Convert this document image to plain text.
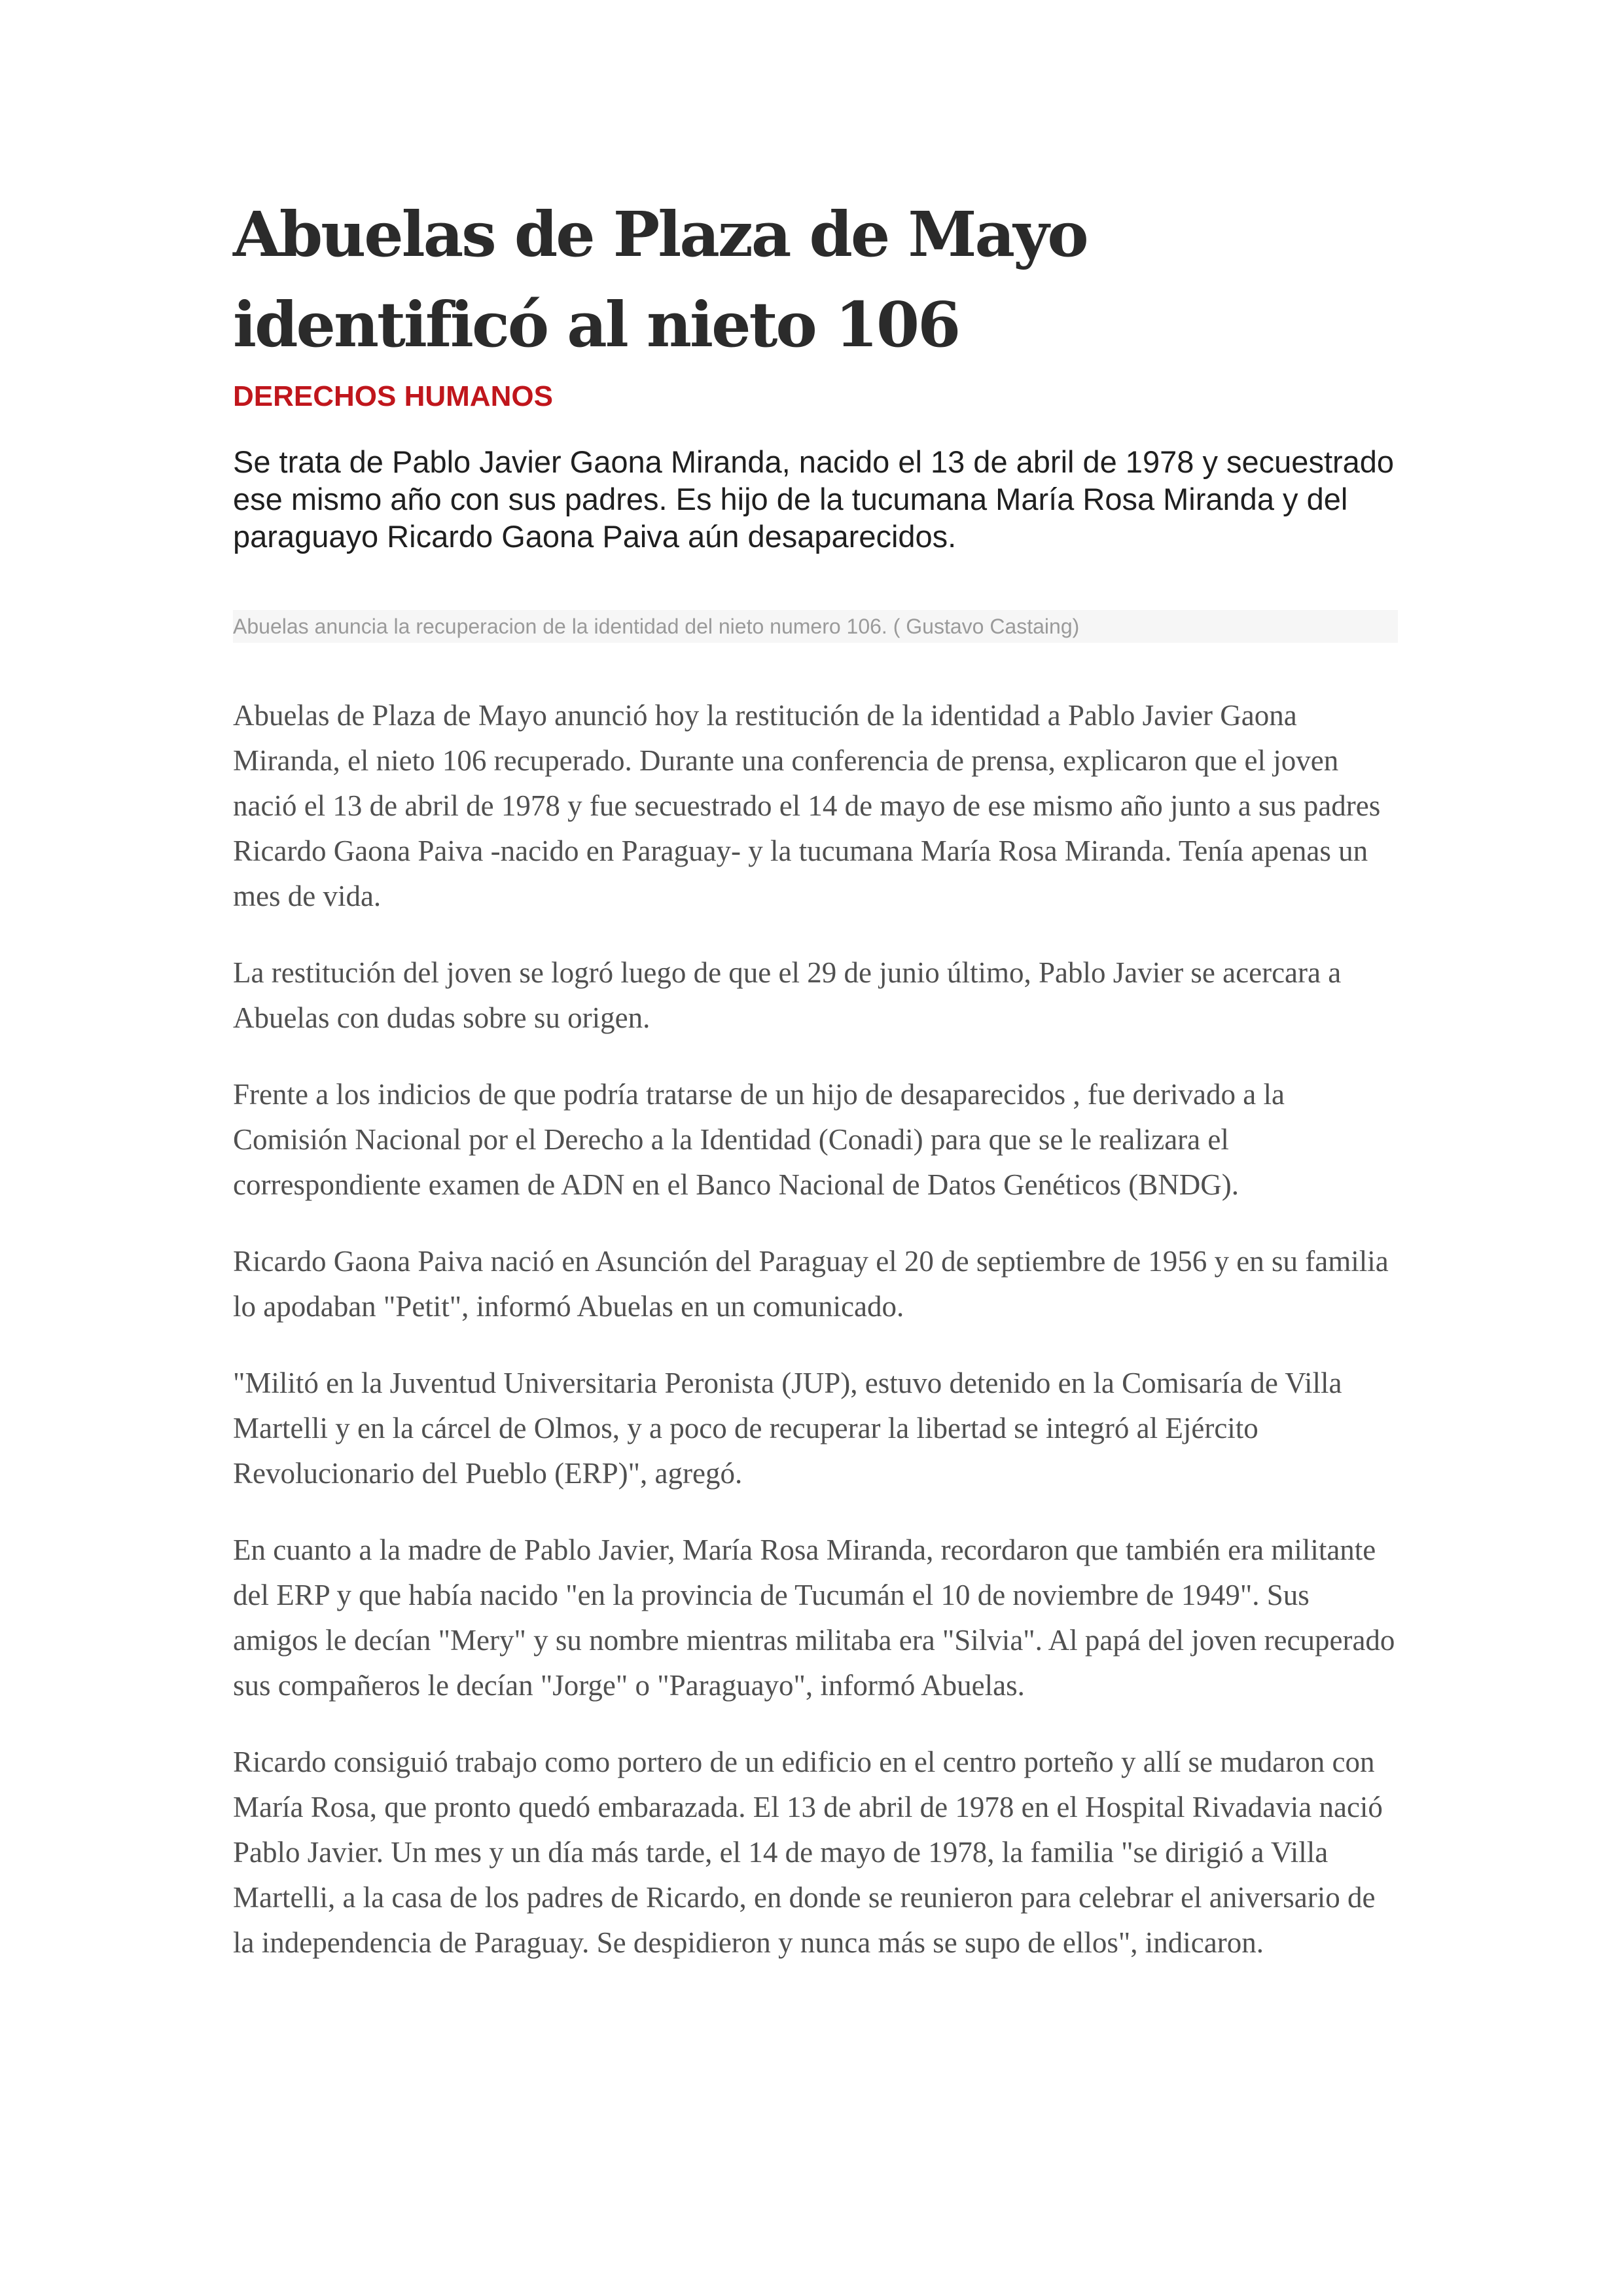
Abuelas de Plaza de Mayo identificó al nieto 106
DERECHOS HUMANOS

Se trata de Pablo Javier Gaona Miranda, nacido el 13 de abril de 1978 y secuestrado ese mismo año con sus padres. Es hijo de la tucumana María Rosa Miranda y del paraguayo Ricardo Gaona Paiva aún desaparecidos.

Abuelas anuncia la recuperacion de la identidad del nieto numero 106. ( Gustavo Castaing)

Abuelas de Plaza de Mayo anunció hoy la restitución de la identidad a Pablo Javier Gaona Miranda, el nieto 106 recuperado. Durante una conferencia de prensa, explicaron que el joven nació el 13 de abril de 1978 y fue secuestrado el 14 de mayo de ese mismo año junto a sus padres Ricardo Gaona Paiva -nacido en Paraguay- y la tucumana María Rosa Miranda. Tenía apenas un mes de vida.

La restitución del joven se logró luego de que el 29 de junio último, Pablo Javier se acercara a Abuelas con dudas sobre su origen.

Frente a los indicios de que podría tratarse de un hijo de desaparecidos , fue derivado a la Comisión Nacional por el Derecho a la Identidad (Conadi) para que se le realizara el correspondiente examen de ADN en el Banco Nacional de Datos Genéticos (BNDG).

Ricardo Gaona Paiva nació en Asunción del Paraguay el 20 de septiembre de 1956 y en su familia lo apodaban "Petit", informó Abuelas en un comunicado.

"Militó en la Juventud Universitaria Peronista (JUP), estuvo detenido en la Comisaría de Villa Martelli y en la cárcel de Olmos, y a poco de recuperar la libertad se integró al Ejército Revolucionario del Pueblo (ERP)", agregó.

En cuanto a la madre de Pablo Javier, María Rosa Miranda, recordaron que también era militante del ERP y que había nacido "en la provincia de Tucumán el 10 de noviembre de 1949". Sus amigos le decían "Mery" y su nombre mientras militaba era "Silvia". Al papá del joven recuperado sus compañeros le decían "Jorge" o "Paraguayo", informó Abuelas.

Ricardo consiguió trabajo como portero de un edificio en el centro porteño y allí se mudaron con María Rosa, que pronto quedó embarazada. El 13 de abril de 1978 en el Hospital Rivadavia nació Pablo Javier. Un mes y un día más tarde, el 14 de mayo de 1978, la familia "se dirigió a Villa Martelli, a la casa de los padres de Ricardo, en donde se reunieron para celebrar el aniversario de la independencia de Paraguay. Se despidieron y nunca más se supo de ellos", indicaron.
